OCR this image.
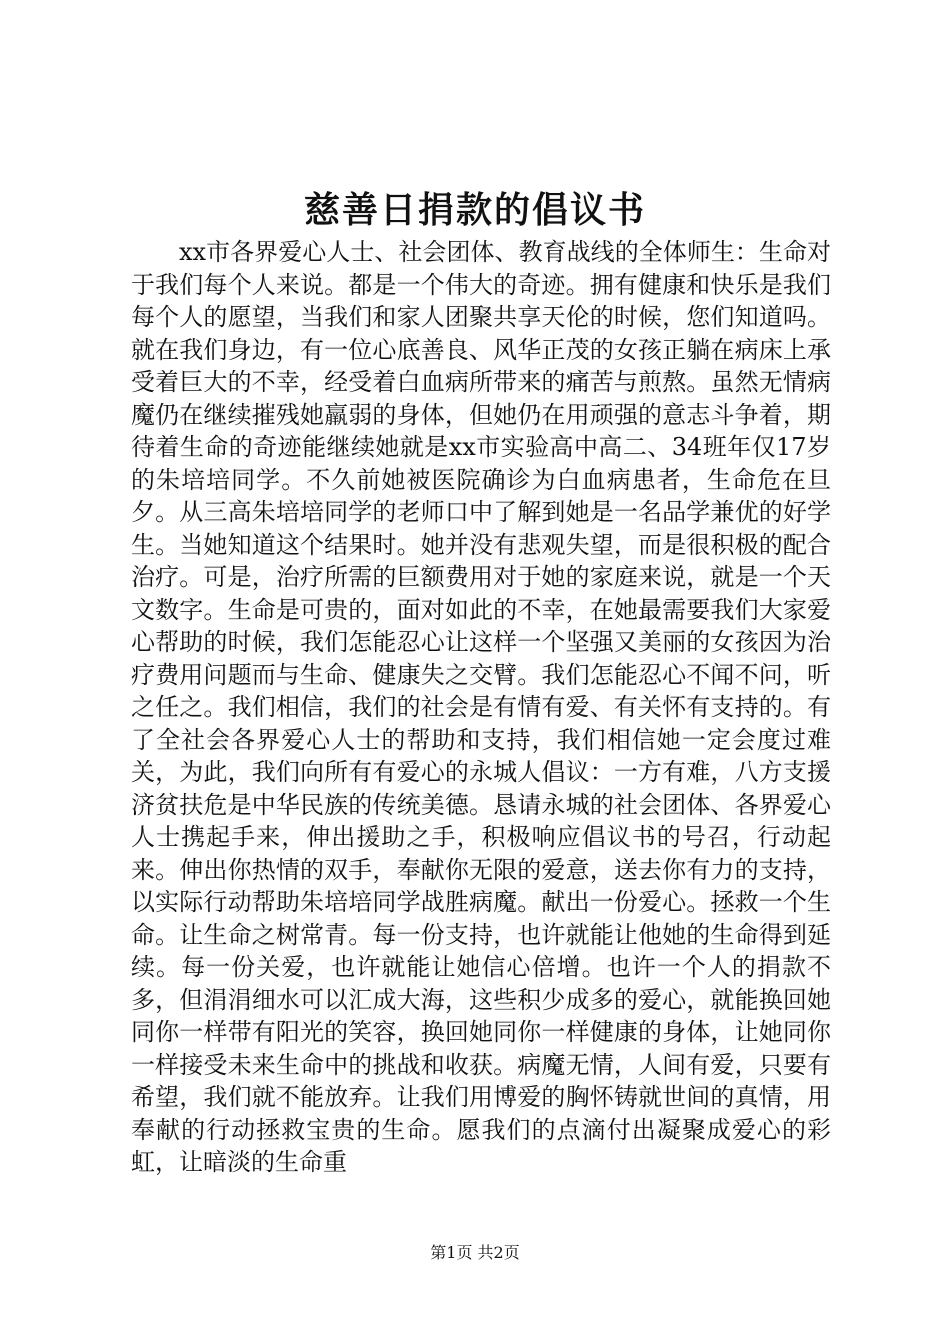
慈善日捐款的倡议书

xx市各界爱心人士、社会团体、教育战线的全体师生：生命对于我们每个人来说。都是一个伟大的奇迹。拥有健康和快乐是我们每个人的愿望，当我们和家人团聚共享天伦的时候，您们知道吗。就在我们身边，有一位心底善良、风华正茂的女孩正躺在病床上承受着巨大的不幸，经受着白血病所带来的痛苦与煎熬。虽然无情病魔仍在继续摧残她羸弱的身体，但她仍在用顽强的意志斗争着，期待着生命的奇迹能继续她就是xx市实验高中高二、34班年仅17岁的朱培培同学。不久前她被医院确诊为白血病患者，生命危在旦夕。从三高朱培培同学的老师口中了解到她是一名品学兼优的好学生。当她知道这个结果时。她并没有悲观失望，而是很积极的配合治疗。可是，治疗所需的巨额费用对于她的家庭来说，就是一个天文数字。生命是可贵的，面对如此的不幸，在她最需要我们大家爱心帮助的时候，我们怎能忍心让这样一个坚强又美丽的女孩因为治疗费用问题而与生命、健康失之交臂。我们怎能忍心不闻不问，听之任之。我们相信，我们的社会是有情有爱、有关怀有支持的。有了全社会各界爱心人士的帮助和支持，我们相信她一定会度过难关，为此，我们向所有有爱心的永城人倡议：一方有难，八方支援济贫扶危是中华民族的传统美德。恳请永城的社会团体、各界爱心人士携起手来，伸出援助之手，积极响应倡议书的号召，行动起来。伸出你热情的双手，奉献你无限的爱意，送去你有力的支持，以实际行动帮助朱培培同学战胜病魔。献出一份爱心。拯救一个生命。让生命之树常青。每一份支持，也许就能让他她的生命得到延续。每一份关爱，也许就能让她信心倍增。也许一个人的捐款不多，但涓涓细水可以汇成大海，这些积少成多的爱心，就能换回她同你一样带有阳光的笑容，换回她同你一样健康的身体，让她同你一样接受未来生命中的挑战和收获。病魔无情，人间有爱，只要有希望，我们就不能放弃。让我们用博爱的胸怀铸就世间的真情，用奉献的行动拯救宝贵的生命。愿我们的点滴付出凝聚成爱心的彩虹，让暗淡的生命重

第1页 共2页
